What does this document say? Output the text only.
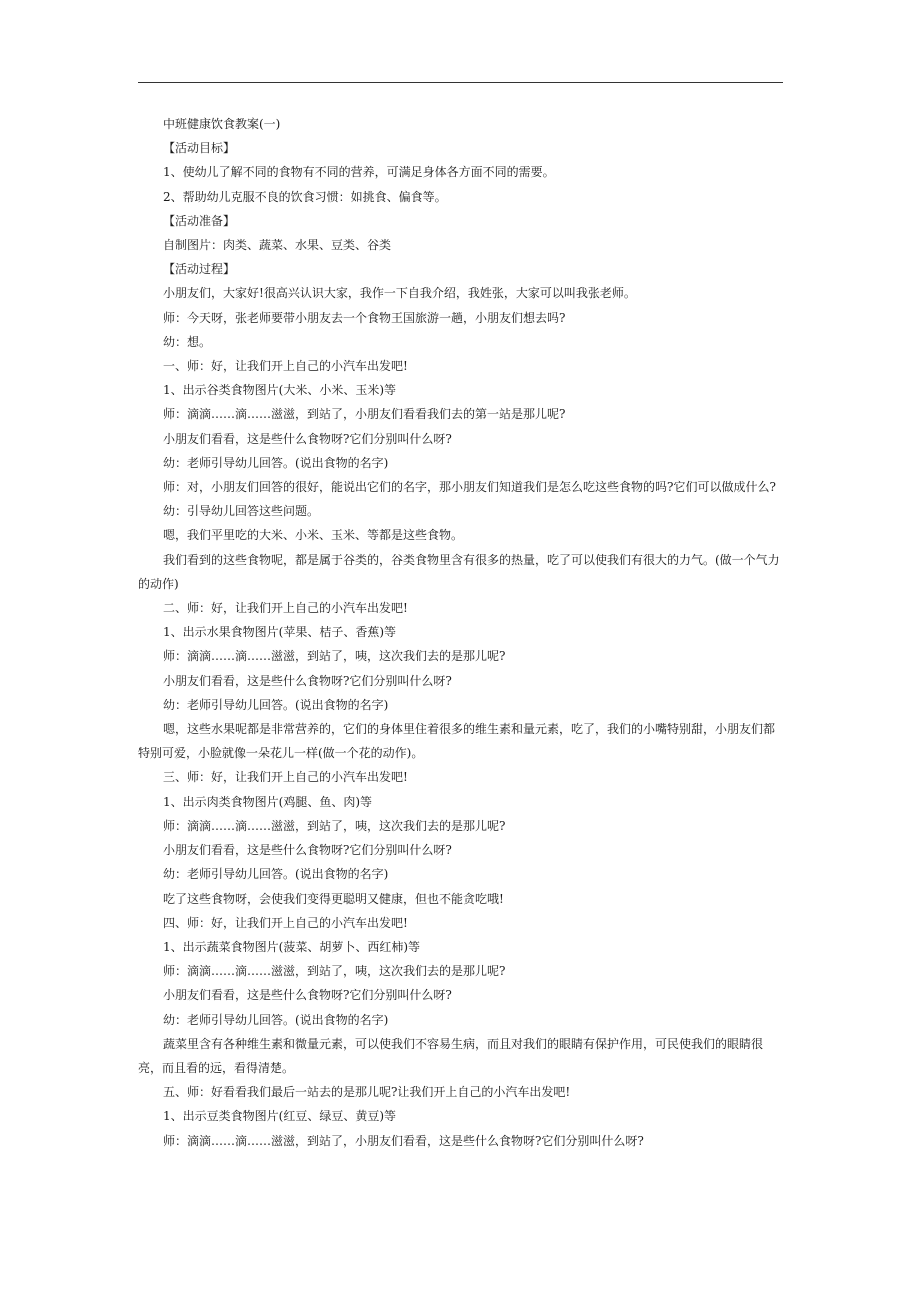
中班健康饮食教案(一)

【活动目标】

1、使幼儿了解不同的食物有不同的营养，可满足身体各方面不同的需要。

2、帮助幼儿克服不良的饮食习惯：如挑食、偏食等。

【活动准备】

自制图片：肉类、蔬菜、水果、豆类、谷类

【活动过程】

小朋友们，大家好!很高兴认识大家，我作一下自我介绍，我姓张，大家可以叫我张老师。

师：今天呀，张老师要带小朋友去一个食物王国旅游一趟，小朋友们想去吗?

幼：想。

一、师：好，让我们开上自己的小汽车出发吧!

1、出示谷类食物图片(大米、小米、玉米)等

师：滴滴……滴……滋滋，到站了，小朋友们看看我们去的第一站是那儿呢?

小朋友们看看，这是些什么食物呀?它们分别叫什么呀?

幼：老师引导幼儿回答。(说出食物的名字)

师：对，小朋友们回答的很好，能说出它们的名字，那小朋友们知道我们是怎么吃这些食物的吗?它们可以做成什么?

幼：引导幼儿回答这些问题。

嗯，我们平里吃的大米、小米、玉米、等都是这些食物。

我们看到的这些食物呢，都是属于谷类的，谷类食物里含有很多的热量，吃了可以使我们有很大的力气。(做一个气力的动作)

二、师：好，让我们开上自己的小汽车出发吧!

1、出示水果食物图片(苹果、桔子、香蕉)等

师：滴滴……滴……滋滋，到站了，咦，这次我们去的是那儿呢?

小朋友们看看，这是些什么食物呀?它们分别叫什么呀?

幼：老师引导幼儿回答。(说出食物的名字)

嗯，这些水果呢都是非常营养的，它们的身体里住着很多的维生素和量元素，吃了，我们的小嘴特别甜，小朋友们都特别可爱，小脸就像一朵花儿一样(做一个花的动作)。

三、师：好，让我们开上自己的小汽车出发吧!

1、出示肉类食物图片(鸡腿、鱼、肉)等

师：滴滴……滴……滋滋，到站了，咦，这次我们去的是那儿呢?

小朋友们看看，这是些什么食物呀?它们分别叫什么呀?

幼：老师引导幼儿回答。(说出食物的名字)

吃了这些食物呀，会使我们变得更聪明又健康，但也不能贪吃哦!

四、师：好，让我们开上自己的小汽车出发吧!

1、出示蔬菜食物图片(菠菜、胡萝卜、西红柿)等

师：滴滴……滴……滋滋，到站了，咦，这次我们去的是那儿呢?

小朋友们看看，这是些什么食物呀?它们分别叫什么呀?

幼：老师引导幼儿回答。(说出食物的名字)

蔬菜里含有各种维生素和微量元素，可以使我们不容易生病，而且对我们的眼睛有保护作用，可民使我们的眼睛很亮，而且看的远，看得清楚。

五、师：好看看我们最后一站去的是那儿呢?让我们开上自己的小汽车出发吧!

1、出示豆类食物图片(红豆、绿豆、黄豆)等

师：滴滴……滴……滋滋，到站了，小朋友们看看，这是些什么食物呀?它们分别叫什么呀?
